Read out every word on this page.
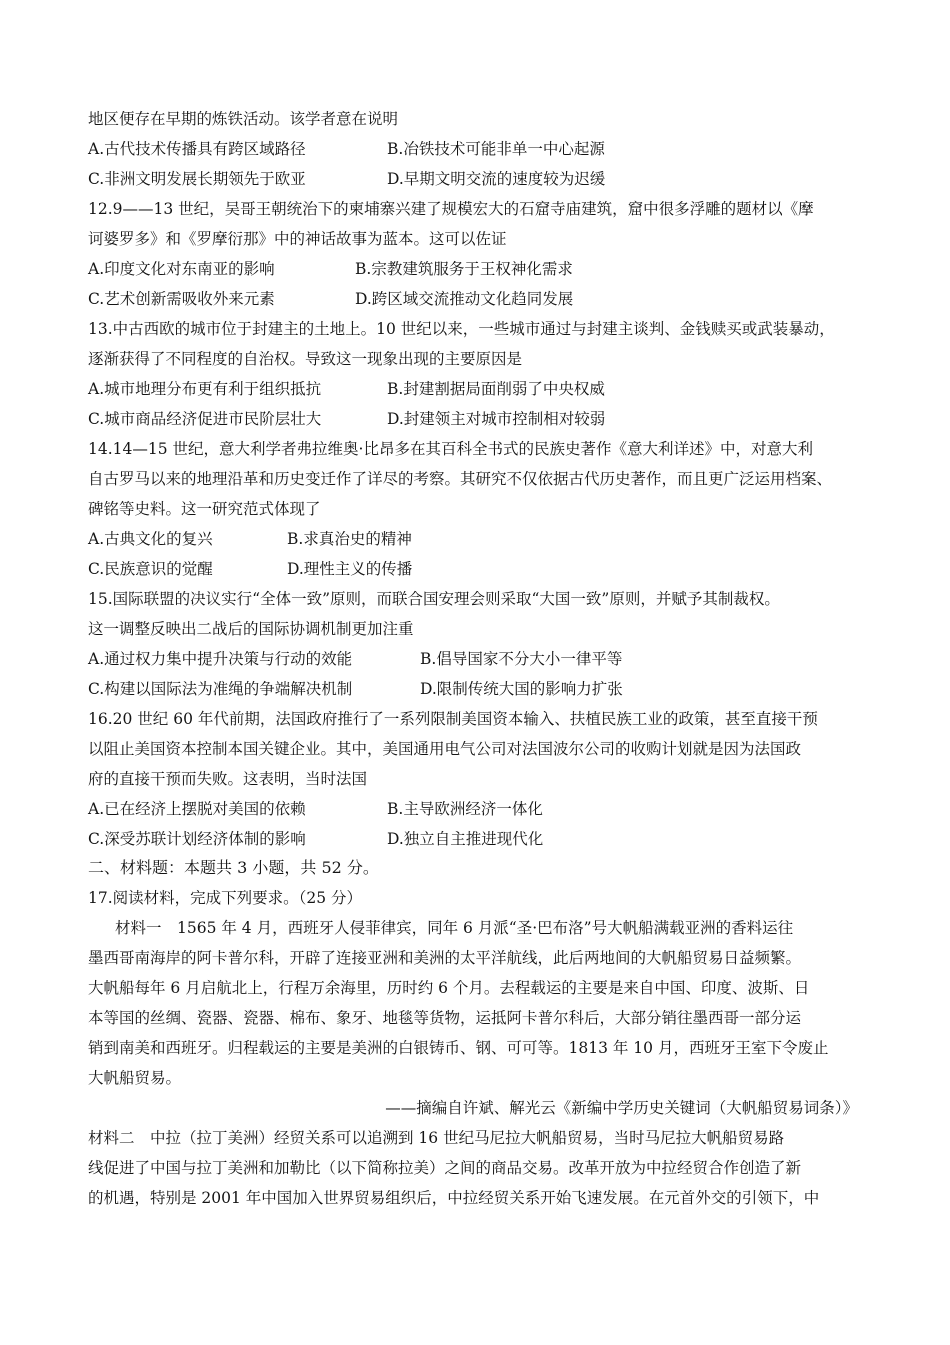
地区便存在早期的炼铁活动。该学者意在说明
A.古代技术传播具有跨区域路径	B.冶铁技术可能非单一中心起源
C.非洲文明发展长期领先于欧亚	D.早期文明交流的速度较为迟缓
12.9——13 世纪，吴哥王朝统治下的柬埔寨兴建了规模宏大的石窟寺庙建筑，窟中很多浮雕的题材以《摩
诃婆罗多》和《罗摩衍那》中的神话故事为蓝本。这可以佐证
A.印度文化对东南亚的影响	B.宗教建筑服务于王权神化需求
C.艺术创新需吸收外来元素	D.跨区域交流推动文化趋同发展
13.中古西欧的城市位于封建主的土地上。10 世纪以来，一些城市通过与封建主谈判、金钱赎买或武装暴动，
逐渐获得了不同程度的自治权。导致这一现象出现的主要原因是
A.城市地理分布更有利于组织抵抗	B.封建割据局面削弱了中央权威
C.城市商品经济促进市民阶层壮大	D.封建领主对城市控制相对较弱
14.14—15 世纪，意大利学者弗拉维奥·比昂多在其百科全书式的民族史著作《意大利详述》中，对意大利
自古罗马以来的地理沿革和历史变迁作了详尽的考察。其研究不仅依据古代历史著作，而且更广泛运用档案、
碑铭等史料。这一研究范式体现了
A.古典文化的复兴	B.求真治史的精神
C.民族意识的觉醒	D.理性主义的传播
15.国际联盟的决议实行“全体一致”原则，而联合国安理会则采取“大国一致”原则，并赋予其制裁权。
这一调整反映出二战后的国际协调机制更加注重
A.通过权力集中提升决策与行动的效能	B.倡导国家不分大小一律平等
C.构建以国际法为准绳的争端解决机制	D.限制传统大国的影响力扩张
16.20 世纪 60 年代前期，法国政府推行了一系列限制美国资本输入、扶植民族工业的政策，甚至直接干预
以阻止美国资本控制本国关键企业。其中，美国通用电气公司对法国波尔公司的收购计划就是因为法国政
府的直接干预而失败。这表明，当时法国
A.已在经济上摆脱对美国的依赖	B.主导欧洲经济一体化
C.深受苏联计划经济体制的影响	D.独立自主推进现代化
二、材料题：本题共 3 小题，共 52 分。
17.阅读材料，完成下列要求。（25 分）
材料一　1565 年 4 月，西班牙人侵菲律宾，同年 6 月派“圣·巴布洛”号大帆船满载亚洲的香料运往
墨西哥南海岸的阿卡普尔科，开辟了连接亚洲和美洲的太平洋航线，此后两地间的大帆船贸易日益频繁。
大帆船每年 6 月启航北上，行程万余海里，历时约 6 个月。去程载运的主要是来自中国、印度、波斯、日
本等国的丝绸、瓷器、瓷器、棉布、象牙、地毯等货物，运抵阿卡普尔科后，大部分销往墨西哥一部分运
销到南美和西班牙。归程载运的主要是美洲的白银铸币、钢、可可等。1813 年 10 月，西班牙王室下令废止
大帆船贸易。
——摘编自许斌、解光云《新编中学历史关键词（大帆船贸易词条）》
材料二　中拉（拉丁美洲）经贸关系可以追溯到 16 世纪马尼拉大帆船贸易，当时马尼拉大帆船贸易路
线促进了中国与拉丁美洲和加勒比（以下简称拉美）之间的商品交易。改革开放为中拉经贸合作创造了新
的机遇，特别是 2001 年中国加入世界贸易组织后，中拉经贸关系开始飞速发展。在元首外交的引领下，中
